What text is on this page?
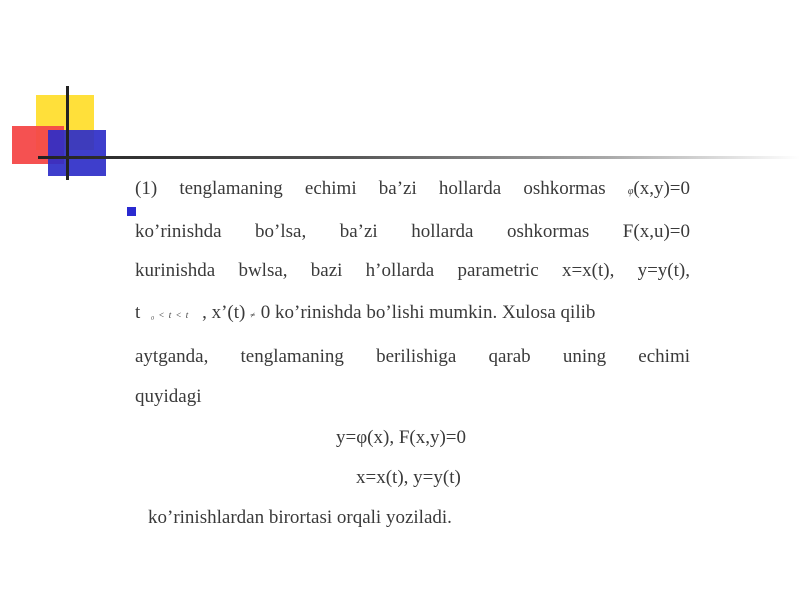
(1) tenglamaning echimi ba’zi hollarda oshkormas φ(x,y)=0
ko’rinishda bo’lsa, ba’zi hollarda oshkormas F(x,u)=0
kurinishda bwlsa, bazi h’ollarda parametric x=x(t), y=y(t),
t ₀ < t < t , x’(t) ≠ 0 ko’rinishda bo’lishi mumkin. Xulosa qilib
aytganda, tenglamaning berilishiga qarab uning echimi
quyidagi
y=φ(x), F(x,y)=0
x=x(t), y=y(t)
ko’rinishlardan birortasi orqali yoziladi.
